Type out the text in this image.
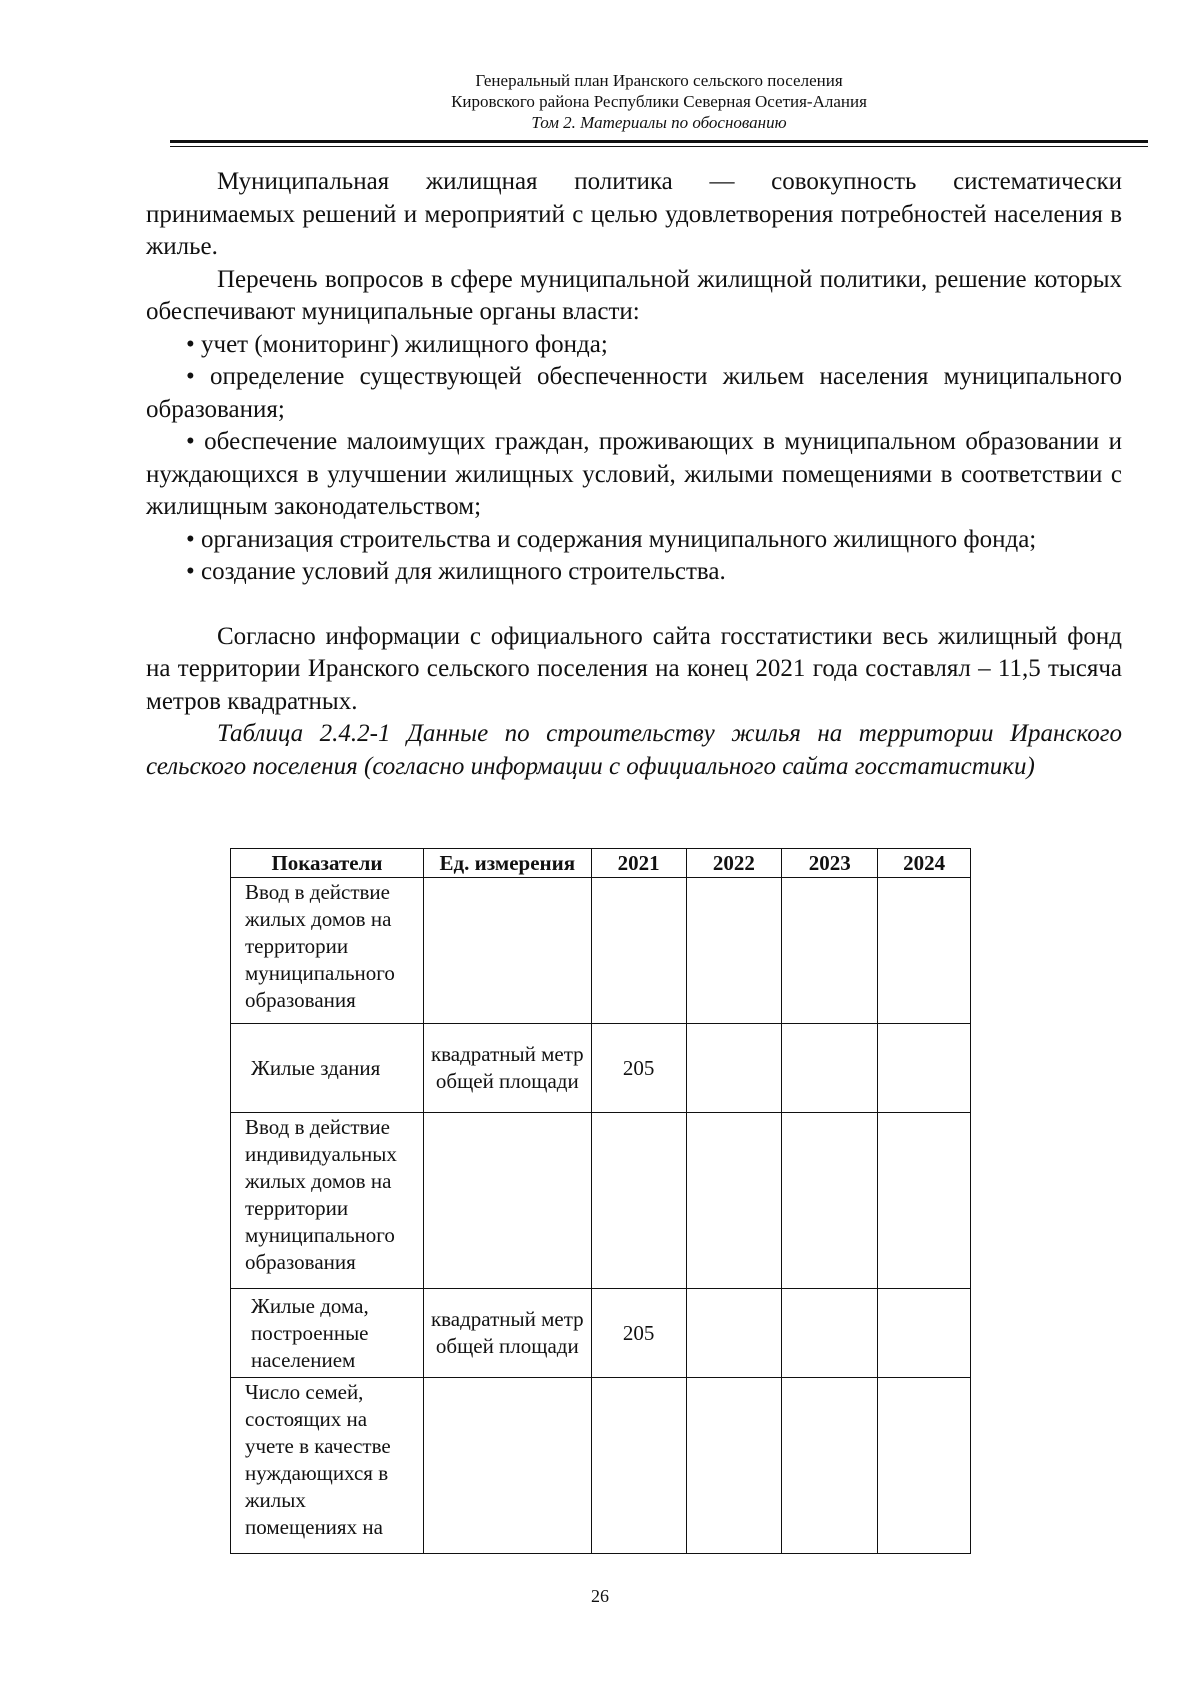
Генеральный план Иранского сельского поселения
Кировского района Республики Северная Осетия-Алания
Том 2. Материалы по обоснованию

Муниципальная жилищная политика — совокупность систематически принимаемых решений и мероприятий с целью удовлетворения потребностей населения в жилье.

Перечень вопросов в сфере муниципальной жилищной политики, решение которых обеспечивают муниципальные органы власти:

• учет (мониторинг) жилищного фонда;

• определение существующей обеспеченности жильем населения муниципального образования;

• обеспечение малоимущих граждан, проживающих в муниципальном образовании и нуждающихся в улучшении жилищных условий, жилыми помещениями в соответствии с жилищным законодательством;

• организация строительства и содержания муниципального жилищного фонда;

• создание условий для жилищного строительства.

Согласно информации с официального сайта госстатистики весь жилищный фонд на территории Иранского сельского поселения на конец 2021 года составлял – 11,5 тысяча метров квадратных.

Таблица 2.4.2-1 Данные по строительству жилья на территории Иранского сельского поселения (согласно информации с официального сайта госстатистики)

Показатели	Ед. измерения	2021	2022	2023	2024
Ввод в действие жилых домов на территории муниципального образования					
Жилые здания	квадратный метр общей площади	205			
Ввод в действие индивидуальных жилых домов на территории муниципального образования					
Жилые дома, построенные населением	квадратный метр общей площади	205			
Число семей, состоящих на учете в качестве нуждающихся в жилых помещениях на					
26
